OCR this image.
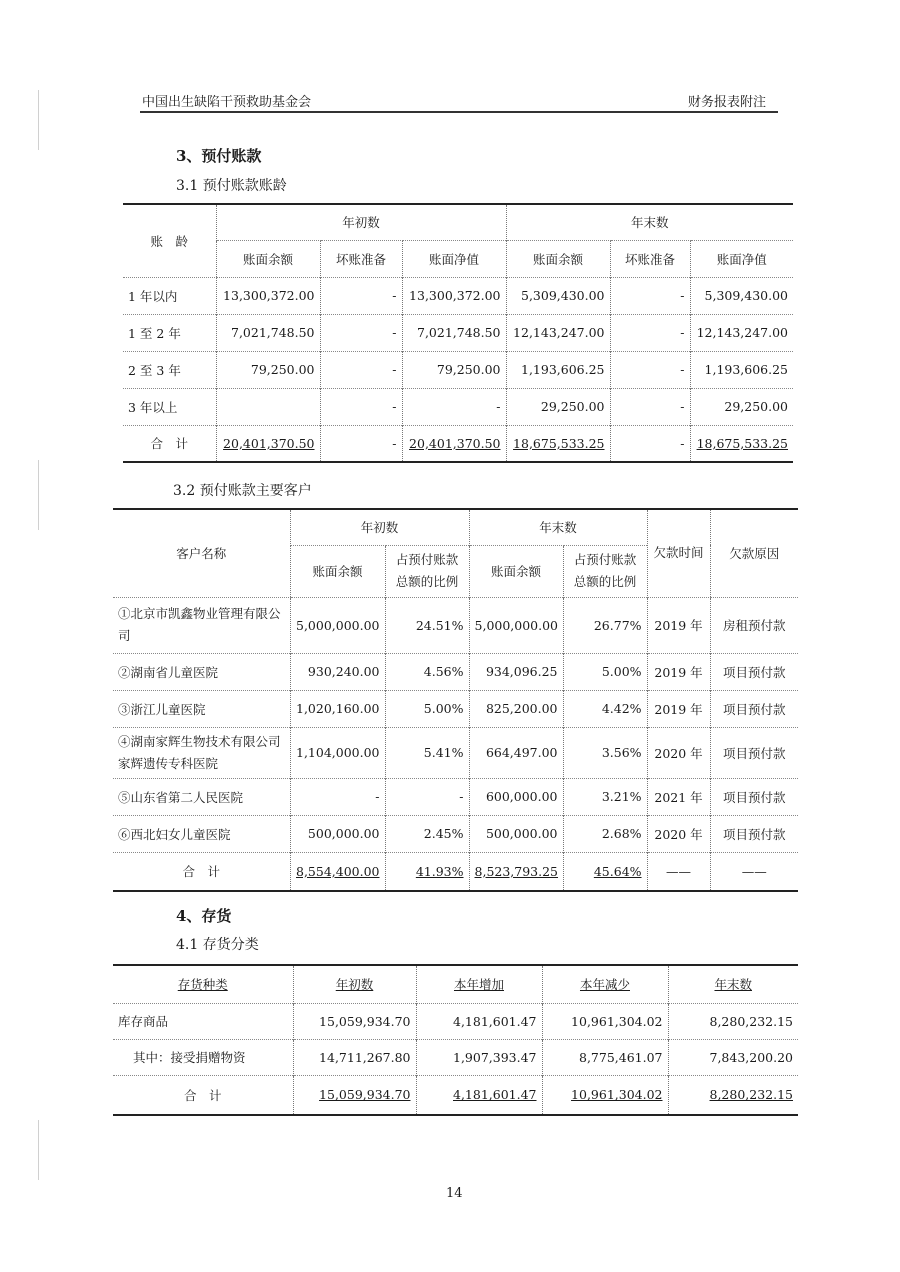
中国出生缺陷干预救助基金会	财务报表附注
3、预付账款
3.1 预付账款账龄
账　龄	年初数			年末数		
	账面余额	坏账准备	账面净值	账面余额	坏账准备	账面净值
1 年以内	13,300,372.00	-	13,300,372.00	5,309,430.00	-	5,309,430.00
1 至 2 年	7,021,748.50	-	7,021,748.50	12,143,247.00	-	12,143,247.00
2 至 3 年	79,250.00	-	79,250.00	1,193,606.25	-	1,193,606.25
3 年以上		-	-	29,250.00	-	29,250.00
合　计	20,401,370.50	-	20,401,370.50	18,675,533.25	-	18,675,533.25
3.2 预付账款主要客户
客户名称	年初数		年末数		欠款时间	欠款原因
	账面余额	占预付账款总额的比例	账面余额	占预付账款总额的比例		
①北京市凯鑫物业管理有限公司	5,000,000.00	24.51%	5,000,000.00	26.77%	2019 年	房租预付款
②湖南省儿童医院	930,240.00	4.56%	934,096.25	5.00%	2019 年	项目预付款
③浙江儿童医院	1,020,160.00	5.00%	825,200.00	4.42%	2019 年	项目预付款
④湖南家辉生物技术有限公司家辉遗传专科医院	1,104,000.00	5.41%	664,497.00	3.56%	2020 年	项目预付款
⑤山东省第二人民医院	-	-	600,000.00	3.21%	2021 年	项目预付款
⑥西北妇女儿童医院	500,000.00	2.45%	500,000.00	2.68%	2020 年	项目预付款
合　计	8,554,400.00	41.93%	8,523,793.25	45.64%	——	——
4、存货
4.1 存货分类
存货种类	年初数	本年增加	本年减少	年末数
库存商品	15,059,934.70	4,181,601.47	10,961,304.02	8,280,232.15
其中：接受捐赠物资	14,711,267.80	1,907,393.47	8,775,461.07	7,843,200.20
合　计	15,059,934.70	4,181,601.47	10,961,304.02	8,280,232.15
14
